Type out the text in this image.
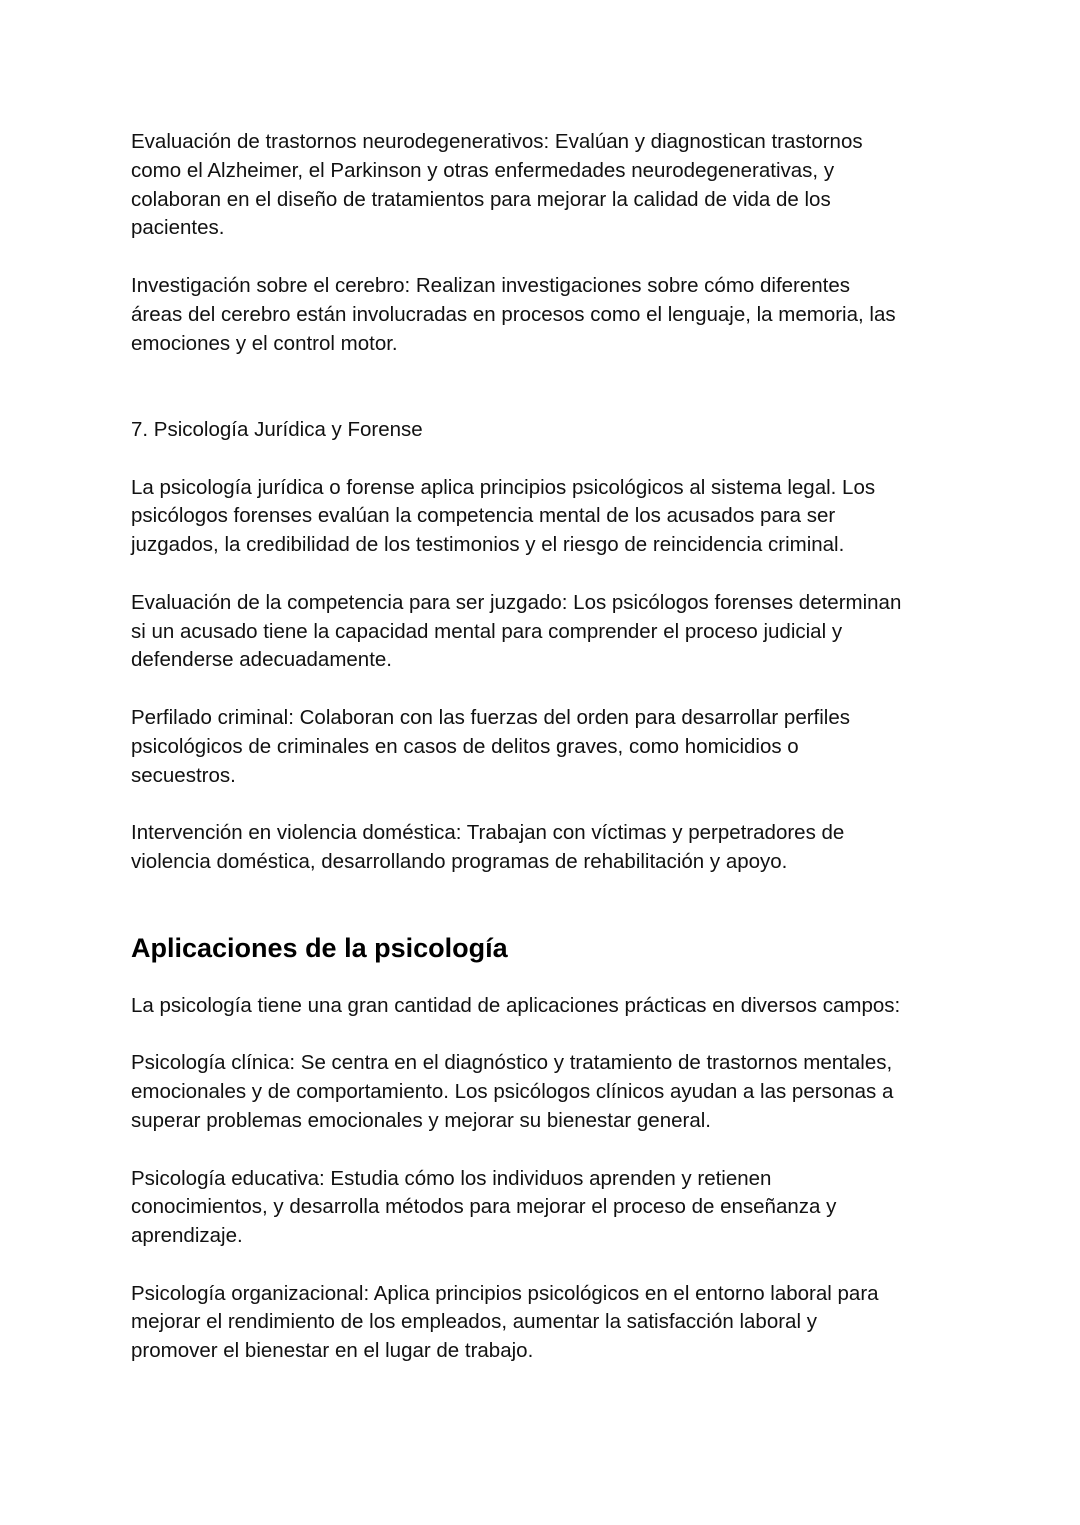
Evaluación de trastornos neurodegenerativos: Evalúan y diagnostican trastornos
como el Alzheimer, el Parkinson y otras enfermedades neurodegenerativas, y
colaboran en el diseño de tratamientos para mejorar la calidad de vida de los
pacientes.

Investigación sobre el cerebro: Realizan investigaciones sobre cómo diferentes
áreas del cerebro están involucradas en procesos como el lenguaje, la memoria, las
emociones y el control motor.

7. Psicología Jurídica y Forense

La psicología jurídica o forense aplica principios psicológicos al sistema legal. Los
psicólogos forenses evalúan la competencia mental de los acusados para ser
juzgados, la credibilidad de los testimonios y el riesgo de reincidencia criminal.

Evaluación de la competencia para ser juzgado: Los psicólogos forenses determinan
si un acusado tiene la capacidad mental para comprender el proceso judicial y
defenderse adecuadamente.

Perfilado criminal: Colaboran con las fuerzas del orden para desarrollar perfiles
psicológicos de criminales en casos de delitos graves, como homicidios o
secuestros.

Intervención en violencia doméstica: Trabajan con víctimas y perpetradores de
violencia doméstica, desarrollando programas de rehabilitación y apoyo.

Aplicaciones de la psicología

La psicología tiene una gran cantidad de aplicaciones prácticas en diversos campos:

Psicología clínica: Se centra en el diagnóstico y tratamiento de trastornos mentales,
emocionales y de comportamiento. Los psicólogos clínicos ayudan a las personas a
superar problemas emocionales y mejorar su bienestar general.

Psicología educativa: Estudia cómo los individuos aprenden y retienen
conocimientos, y desarrolla métodos para mejorar el proceso de enseñanza y
aprendizaje.

Psicología organizacional: Aplica principios psicológicos en el entorno laboral para
mejorar el rendimiento de los empleados, aumentar la satisfacción laboral y
promover el bienestar en el lugar de trabajo.
